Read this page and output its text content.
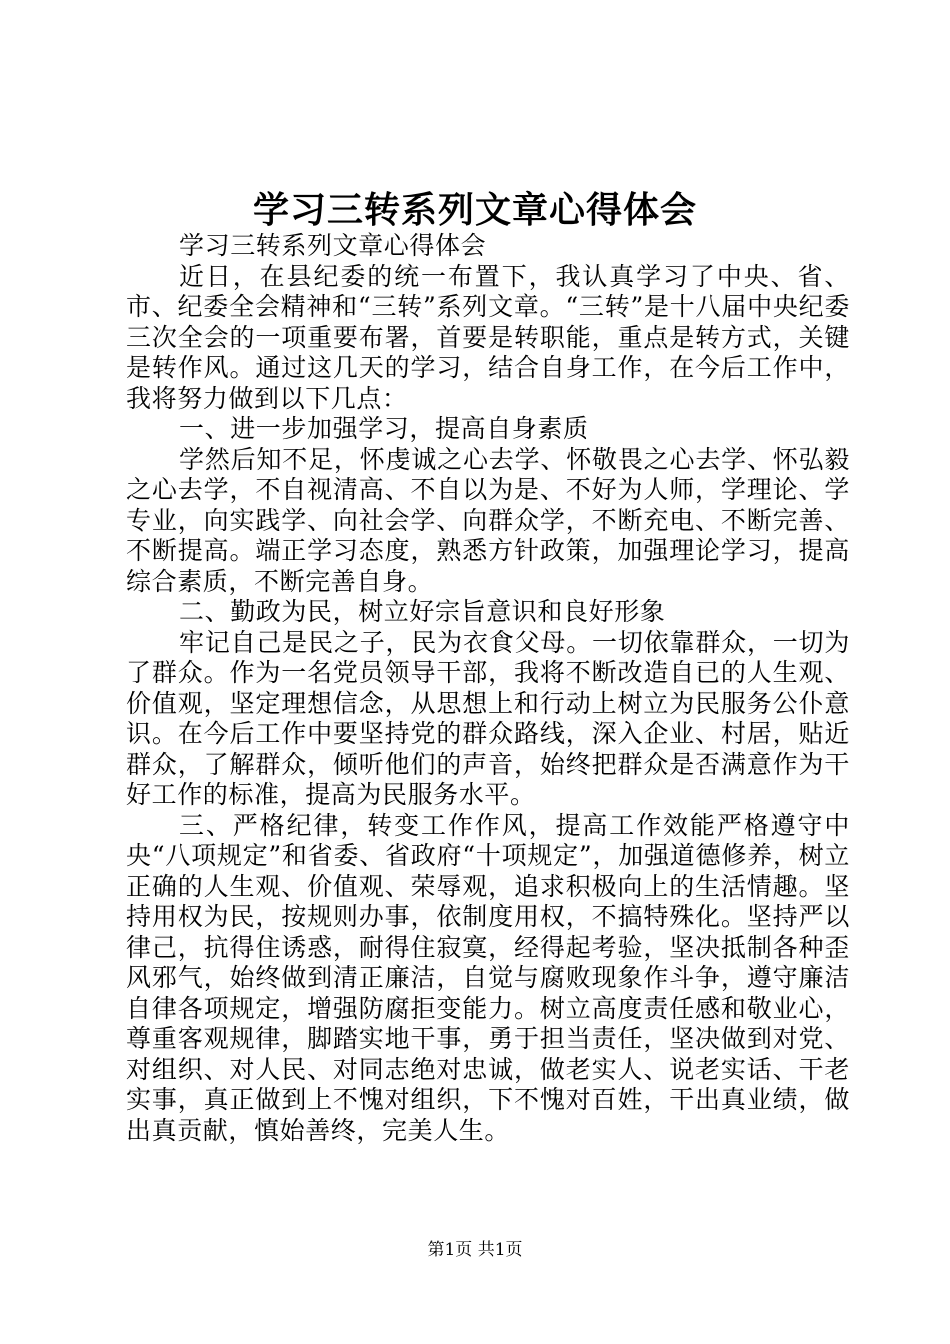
学习三转系列文章心得体会

学习三转系列文章心得体会

近日，在县纪委的统一布置下，我认真学习了中央、省、市、纪委全会精神和“三转”系列文章。“三转”是十八届中央纪委三次全会的一项重要布署，首要是转职能，重点是转方式，关键是转作风。通过这几天的学习，结合自身工作，在今后工作中，我将努力做到以下几点：

一、进一步加强学习，提高自身素质

学然后知不足，怀虔诚之心去学、怀敬畏之心去学、怀弘毅之心去学，不自视清高、不自以为是、不好为人师，学理论、学专业，向实践学、向社会学、向群众学，不断充电、不断完善、不断提高。端正学习态度，熟悉方针政策，加强理论学习，提高综合素质，不断完善自身。

二、勤政为民，树立好宗旨意识和良好形象

牢记自己是民之子，民为衣食父母。一切依靠群众，一切为了群众。作为一名党员领导干部，我将不断改造自已的人生观、价值观，坚定理想信念，从思想上和行动上树立为民服务公仆意识。在今后工作中要坚持党的群众路线，深入企业、村居，贴近群众，了解群众，倾听他们的声音，始终把群众是否满意作为干好工作的标准，提高为民服务水平。

三、严格纪律，转变工作作风，提高工作效能严格遵守中央“八项规定”和省委、省政府“十项规定”，加强道德修养，树立正确的人生观、价值观、荣辱观，追求积极向上的生活情趣。坚持用权为民，按规则办事，依制度用权，不搞特殊化。坚持严以律己，抗得住诱惑，耐得住寂寞，经得起考验，坚决抵制各种歪风邪气，始终做到清正廉洁，自觉与腐败现象作斗争，遵守廉洁自律各项规定，增强防腐拒变能力。树立高度责任感和敬业心，尊重客观规律，脚踏实地干事，勇于担当责任，坚决做到对党、对组织、对人民、对同志绝对忠诚，做老实人、说老实话、干老实事，真正做到上不愧对组织，下不愧对百姓，干出真业绩，做出真贡献，慎始善终，完美人生。

第1页 共1页
